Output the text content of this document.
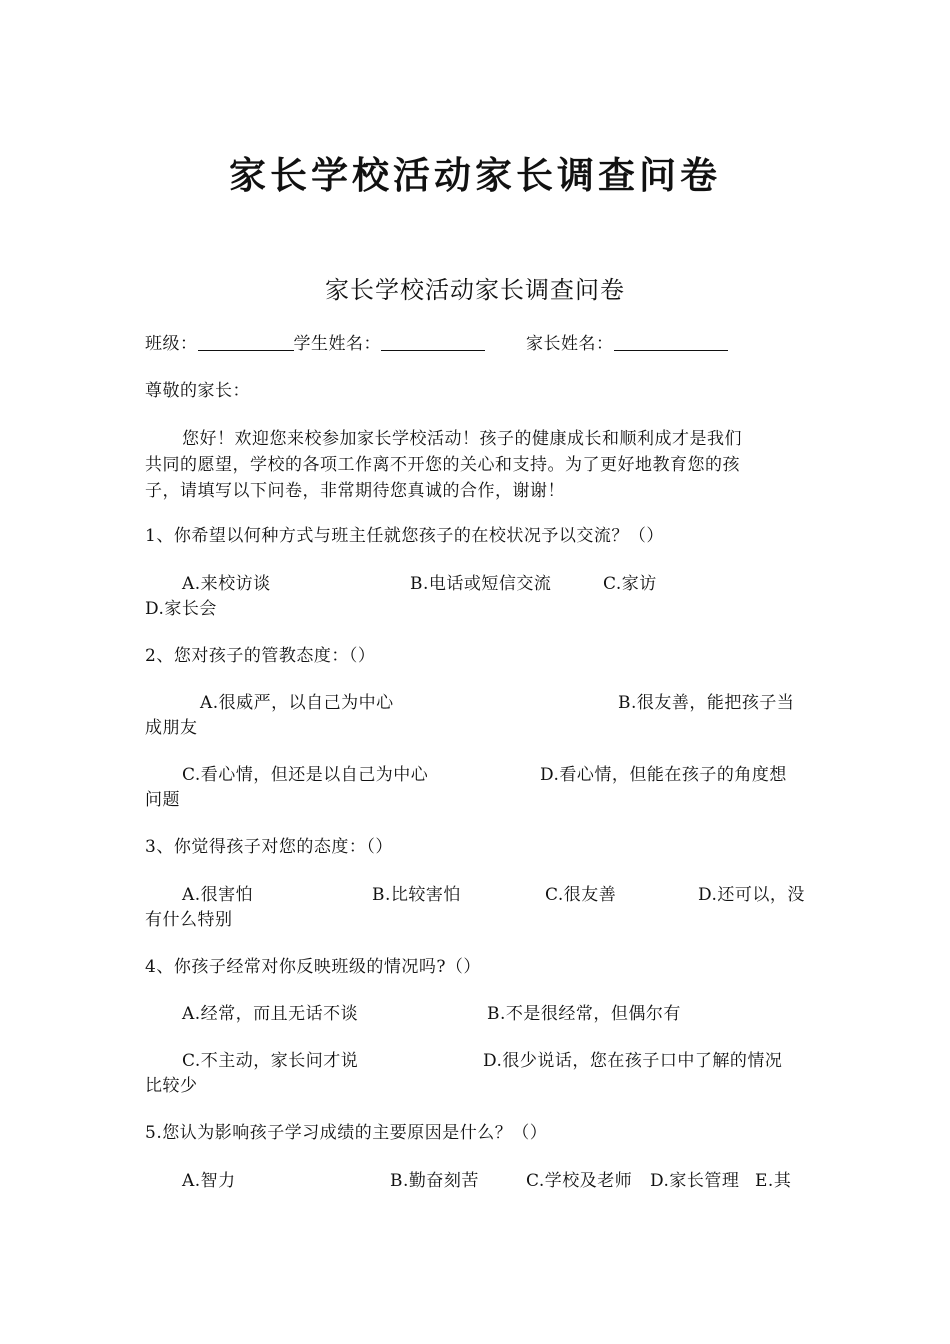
家长学校活动家长调查问卷
家长学校活动家长调查问卷
班级：	学生姓名：	家长姓名：
尊敬的家长：
您好！欢迎您来校参加家长学校活动！孩子的健康成长和顺利成才是我们
共同的愿望，学校的各项工作离不开您的关心和支持。为了更好地教育您的孩
子，请填写以下问卷，非常期待您真诚的合作，谢谢！
1、你希望以何种方式与班主任就您孩子的在校状况予以交流？（）
A.来校访谈	B.电话或短信交流	C.家访
D.家长会
2、您对孩子的管教态度：（）
A.很威严，以自己为中心	B.很友善，能把孩子当
成朋友
C.看心情，但还是以自己为中心	D.看心情，但能在孩子的角度想
问题
3、你觉得孩子对您的态度：（）
A.很害怕	B.比较害怕	C.很友善	D.还可以，没
有什么特别
4、你孩子经常对你反映班级的情况吗?（）
A.经常，而且无话不谈	B.不是很经常，但偶尔有
C.不主动，家长问才说	D.很少说话，您在孩子口中了解的情况
比较少
5.您认为影响孩子学习成绩的主要原因是什么？（）
A.智力	B.勤奋刻苦	C.学校及老师 D.家长管理 E.其
